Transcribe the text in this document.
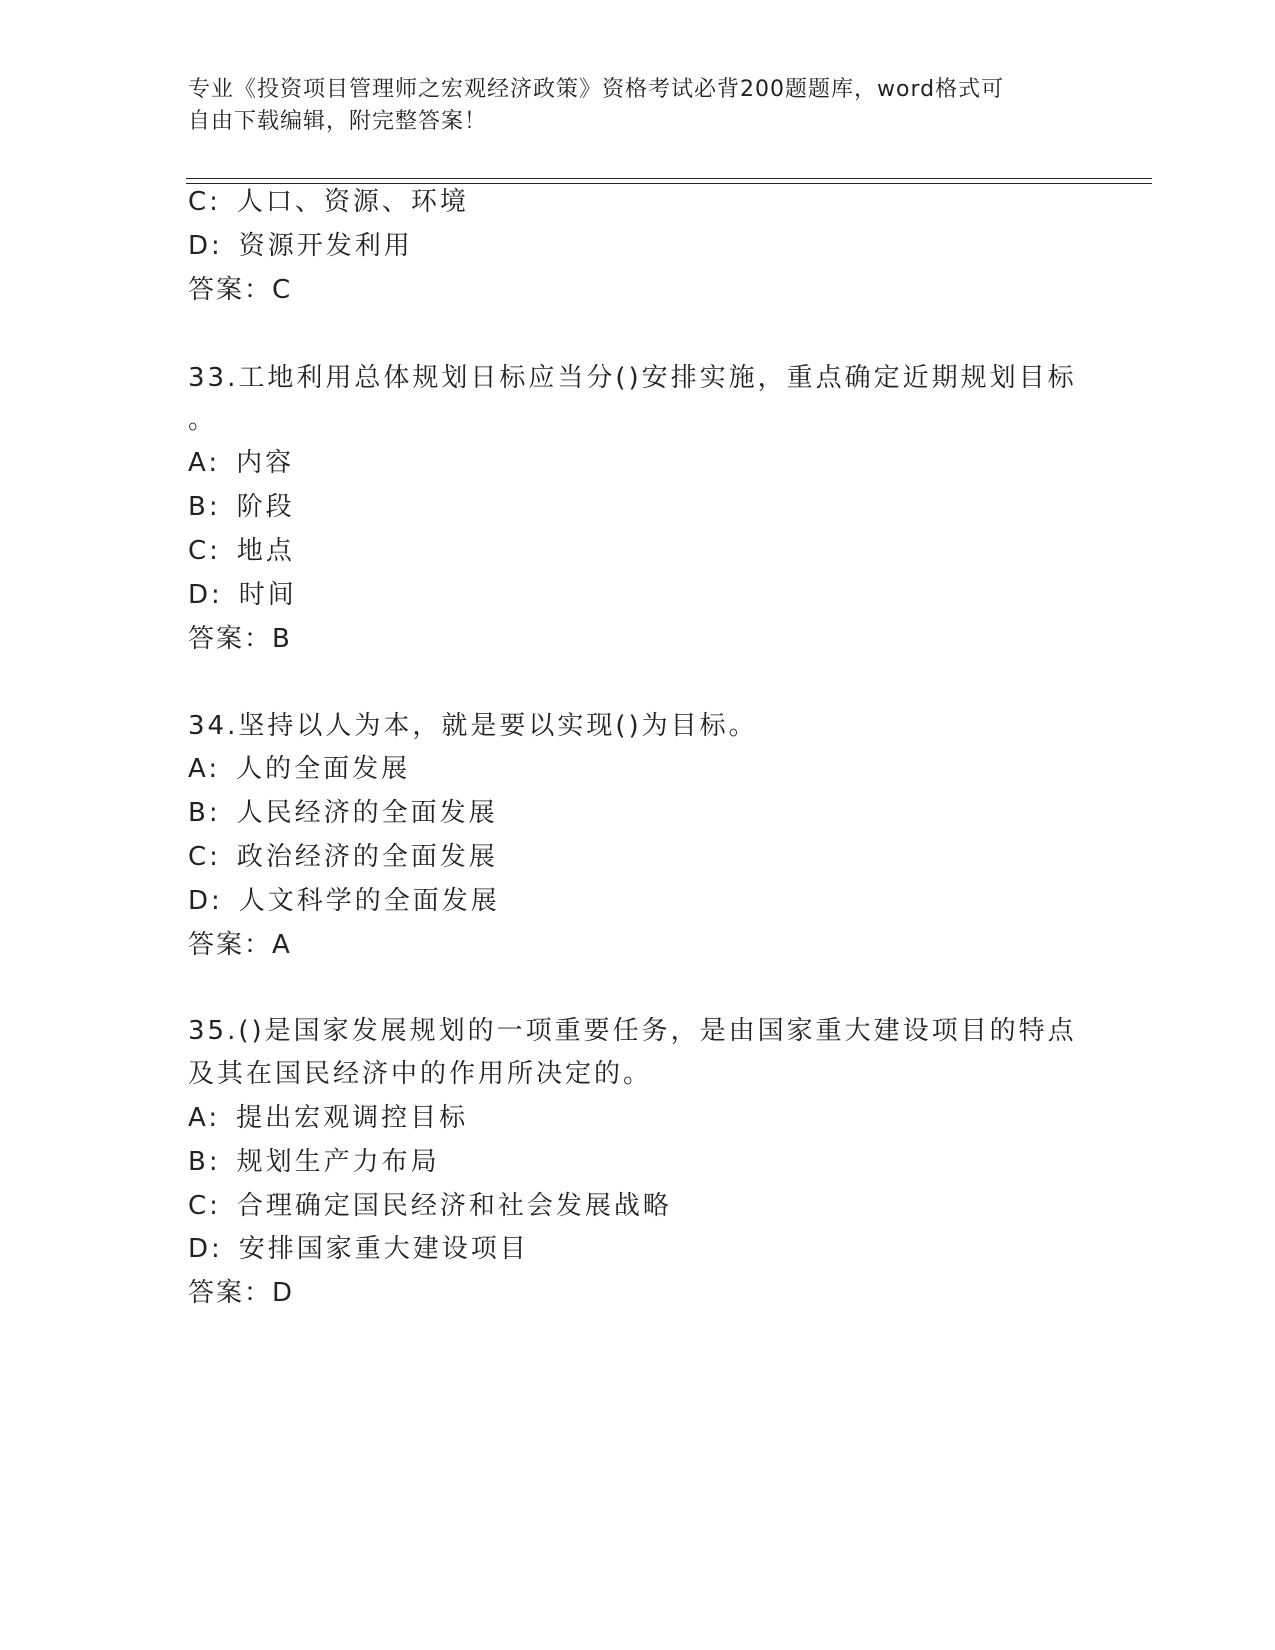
专业《投资项目管理师之宏观经济政策》资格考试必背200题题库，word格式可
自由下载编辑，附完整答案！
C: 人口、资源、环境
D: 资源开发利用
答案：C
33.工地利用总体规划日标应当分()安排实施，重点确定近期规划目标
。
A: 内容
B: 阶段
C: 地点
D: 时间
答案：B
34.坚持以人为本，就是要以实现()为目标。
A: 人的全面发展
B: 人民经济的全面发展
C: 政治经济的全面发展
D: 人文科学的全面发展
答案：A
35.()是国家发展规划的一项重要任务，是由国家重大建设项目的特点
及其在国民经济中的作用所决定的。
A: 提出宏观调控目标
B: 规划生产力布局
C: 合理确定国民经济和社会发展战略
D: 安排国家重大建设项目
答案：D
